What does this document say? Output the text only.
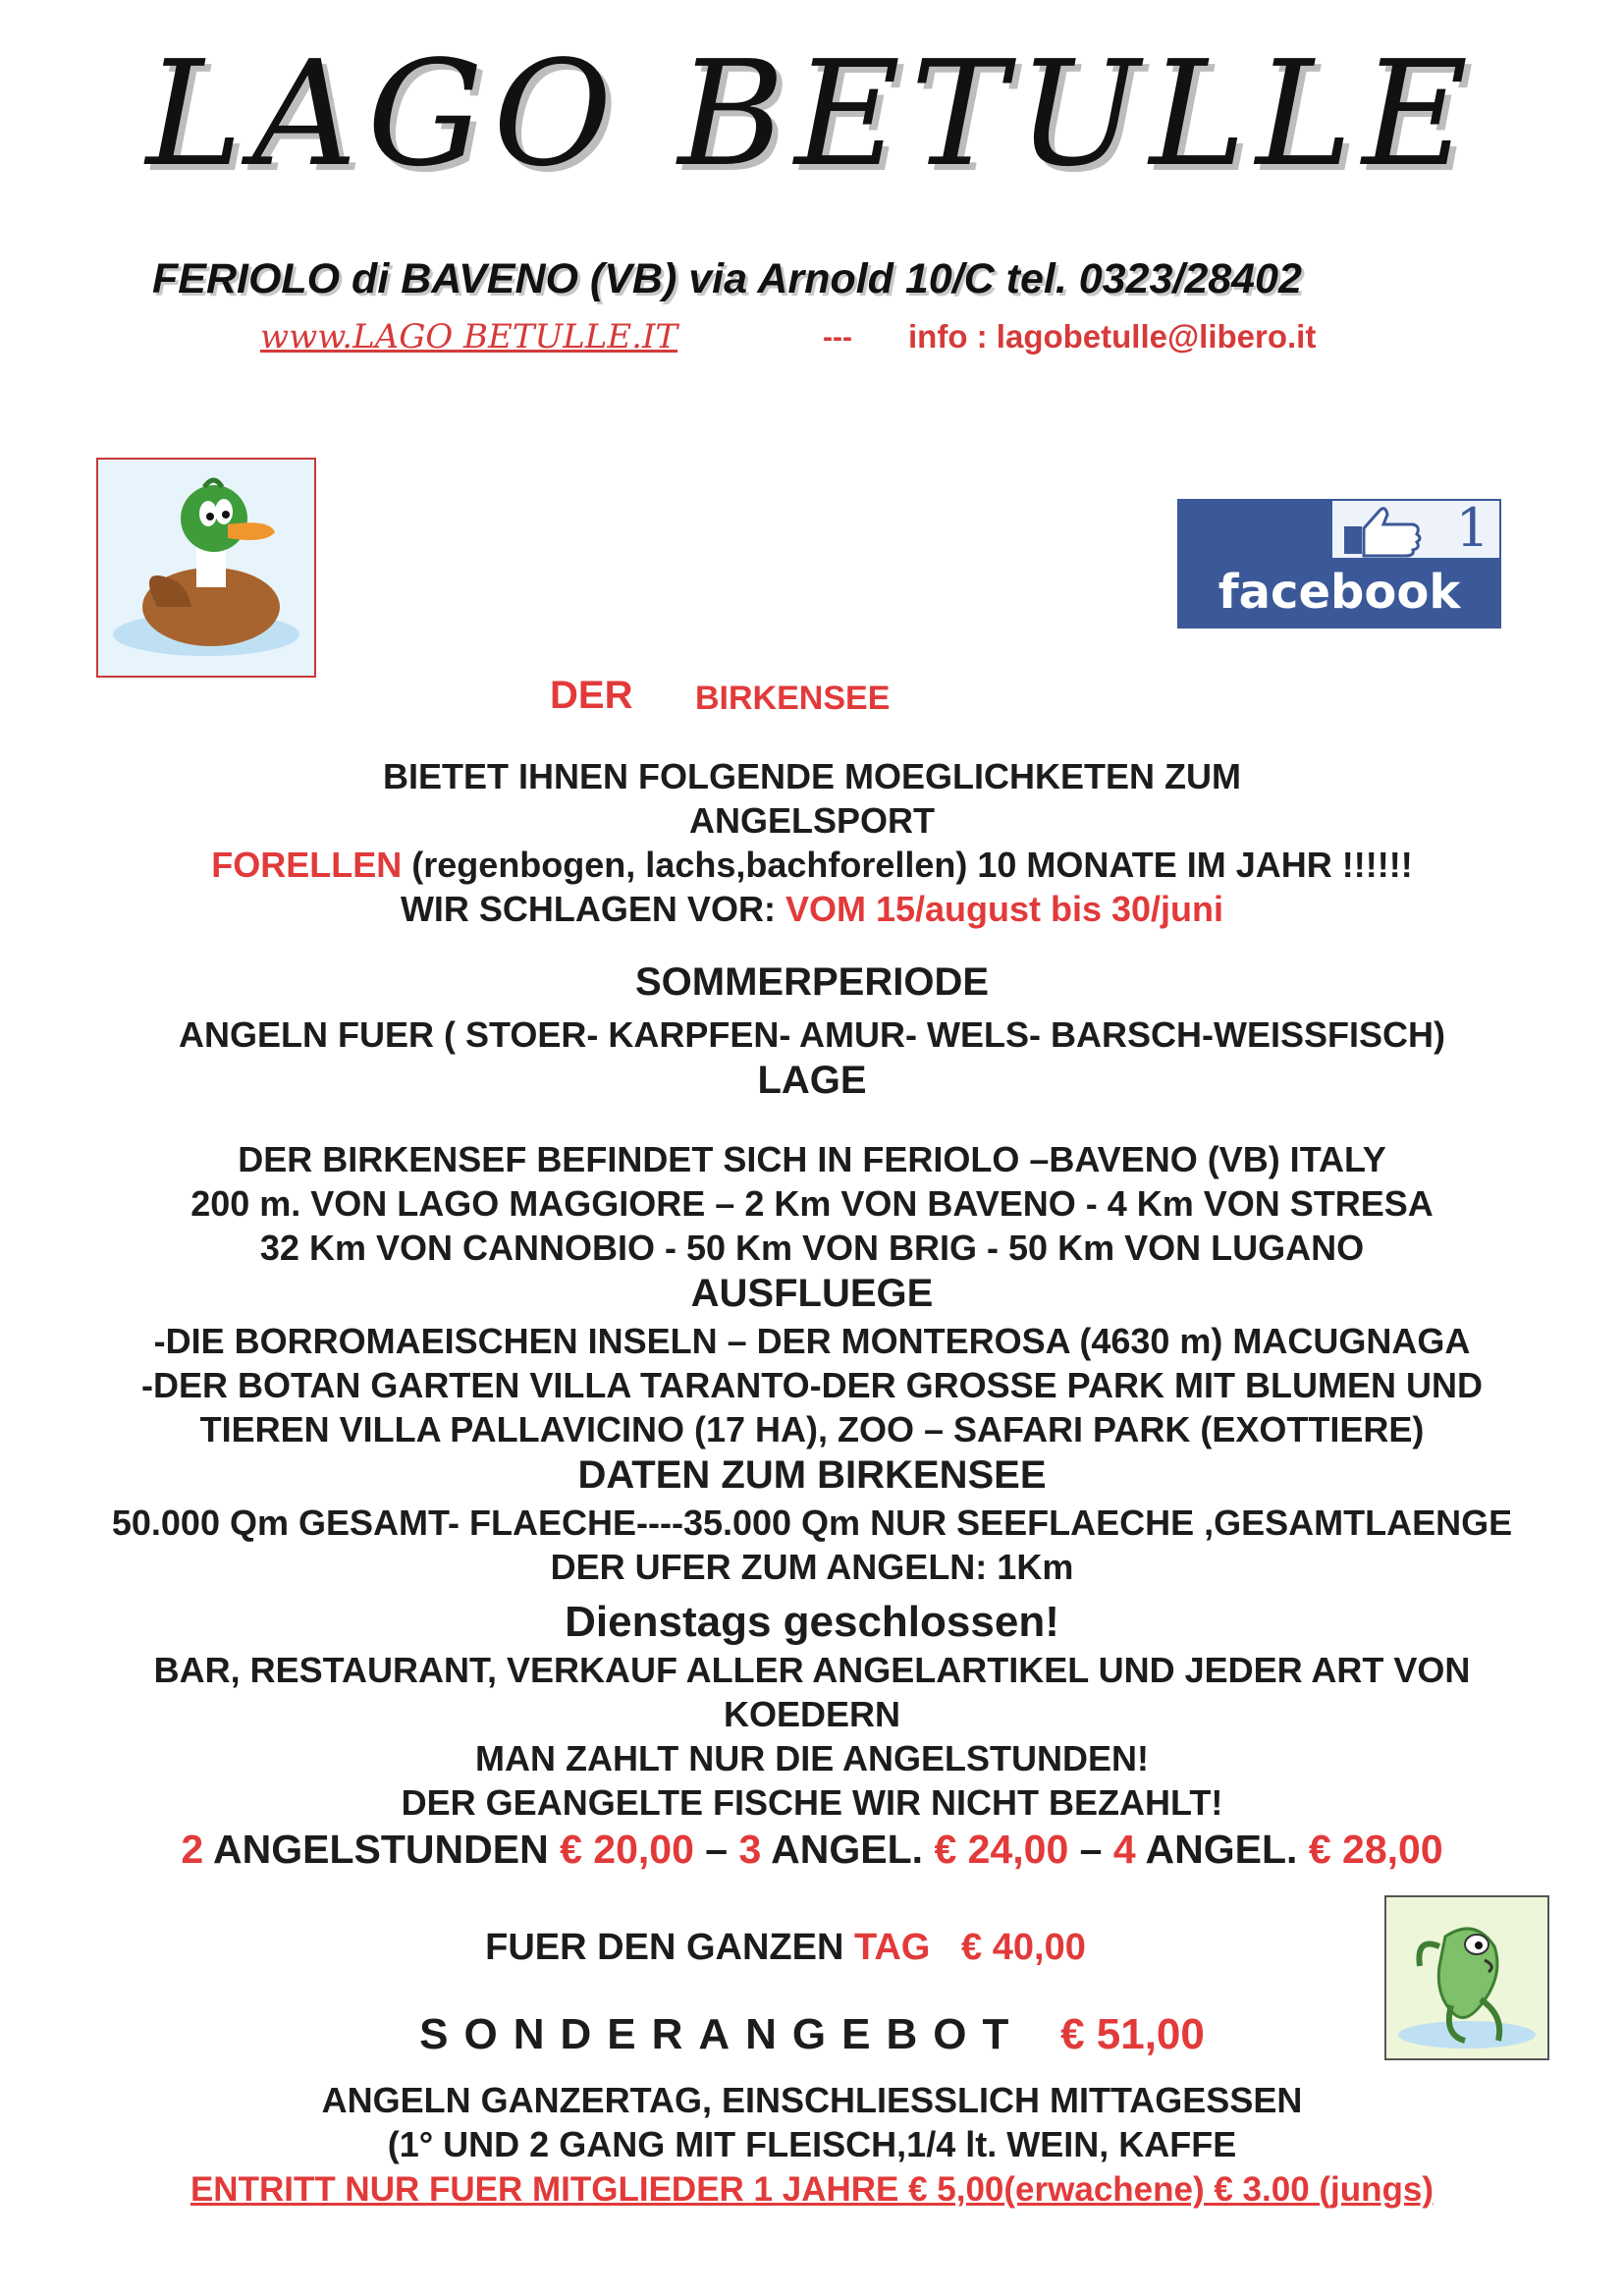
LAGO BETULLE
FERIOLO di BAVENO (VB) via Arnold 10/C tel. 0323/28402
www.LAGO BETULLE.IT	--- info : lagobetulle@libero.it
1
facebook
DER BIRKENSEE
BIETET IHNEN FOLGENDE MOEGLICHKETEN ZUM
ANGELSPORT
FORELLEN (regenbogen, lachs,bachforellen) 10 MONATE IM JAHR !!!!!!
WIR SCHLAGEN VOR: VOM 15/august bis 30/juni
SOMMERPERIODE
ANGELN FUER ( STOER- KARPFEN- AMUR- WELS- BARSCH-WEISSFISCH)
LAGE
DER BIRKENSEF BEFINDET SICH IN FERIOLO –BAVENO (VB) ITALY
200 m. VON LAGO MAGGIORE – 2 Km VON BAVENO - 4 Km VON STRESA
32 Km VON CANNOBIO - 50 Km VON BRIG - 50 Km VON LUGANO
AUSFLUEGE
-DIE BORROMAEISCHEN INSELN – DER MONTEROSA (4630 m) MACUGNAGA
-DER BOTAN GARTEN VILLA TARANTO-DER GROSSE PARK MIT BLUMEN UND
TIEREN VILLA PALLAVICINO (17 HA), ZOO – SAFARI PARK (EXOTTIERE)
DATEN ZUM BIRKENSEE
50.000 Qm GESAMT- FLAECHE----35.000 Qm NUR SEEFLAECHE ,GESAMTLAENGE
DER UFER ZUM ANGELN: 1Km
Dienstags geschlossen!
BAR, RESTAURANT, VERKAUF ALLER ANGELARTIKEL UND JEDER ART VON
KOEDERN
MAN ZAHLT NUR DIE ANGELSTUNDEN!
DER GEANGELTE FISCHE WIR NICHT BEZAHLT!
2 ANGELSTUNDEN € 20,00 – 3 ANGEL. € 24,00 – 4 ANGEL. € 28,00
FUER DEN GANZEN TAG € 40,00
SONDERANGEBOT € 51,00
ANGELN GANZERTAG, EINSCHLIESSLICH MITTAGESSEN
(1° UND 2 GANG MIT FLEISCH,1/4 lt. WEIN, KAFFE
ENTRITT NUR FUER MITGLIEDER 1 JAHRE € 5,00(erwachene) € 3.00 (jungs)
